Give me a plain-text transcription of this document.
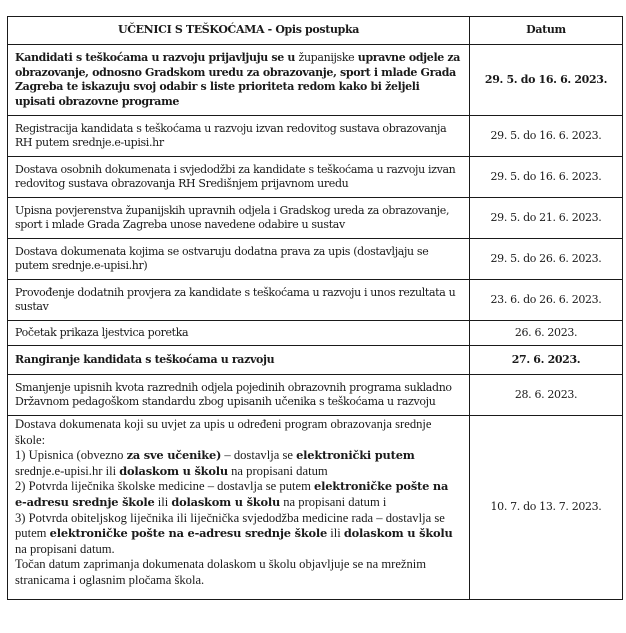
UČENICI S TEŠKOĆAMA - Opis postupka	Datum
Kandidati s teškoćama u razvoju prijavljuju se u županijske upravne odjele za obrazovanje, odnosno Gradskom uredu za obrazovanje, sport i mlade Grada Zagreba te iskazuju svoj odabir s liste prioriteta redom kako bi željeli upisati obrazovne programe	29. 5. do 16. 6. 2023.
Registracija kandidata s teškoćama u razvoju izvan redovitog sustava obrazovanja RH putem srednje.e-upisi.hr	29. 5. do 16. 6. 2023.
Dostava osobnih dokumenata i svjedodžbi za kandidate s teškoćama u razvoju izvan redovitog sustava obrazovanja RH Središnjem prijavnom uredu	29. 5. do 16. 6. 2023.
Upisna povjerenstva županijskih upravnih odjela i Gradskog ureda za obrazovanje, sport i mlade Grada Zagreba unose navedene odabire u sustav	29. 5. do 21. 6. 2023.
Dostava dokumenata kojima se ostvaruju dodatna prava za upis (dostavljaju se putem srednje.e-upisi.hr)	29. 5. do 26. 6. 2023.
Provođenje dodatnih provjera za kandidate s teškoćama u razvoju i unos rezultata u sustav	23. 6. do 26. 6. 2023.
Početak prikaza ljestvica poretka	26. 6. 2023.
Rangiranje kandidata s teškoćama u razvoju	27. 6. 2023.
Smanjenje upisnih kvota razrednih odjela pojedinih obrazovnih programa sukladno Državnom pedagoškom standardu zbog upisanih učenika s teškoćama u razvoju	28. 6. 2023.

Dostava dokumenata koji su uvjet za upis u određeni program obrazovanja srednje škole:
1) Upisnica (obvezno za sve učenike) – dostavlja se elektronički putem srednje.e-upisi.hr ili dolaskom u školu na propisani datum
2) Potvrda liječnika školske medicine – dostavlja se putem elektroničke pošte na e-adresu srednje škole ili dolaskom u školu na propisani datum i
3) Potvrda obiteljskog liječnika ili liječnička svjedodžba medicine rada – dostavlja se putem elektroničke pošte na e-adresu srednje škole ili dolaskom u školu na propisani datum.
Točan datum zaprimanja dokumenata dolaskom u školu objavljuje se na mrežnim stranicama i oglasnim pločama škola.	10. 7. do 13. 7. 2023.
